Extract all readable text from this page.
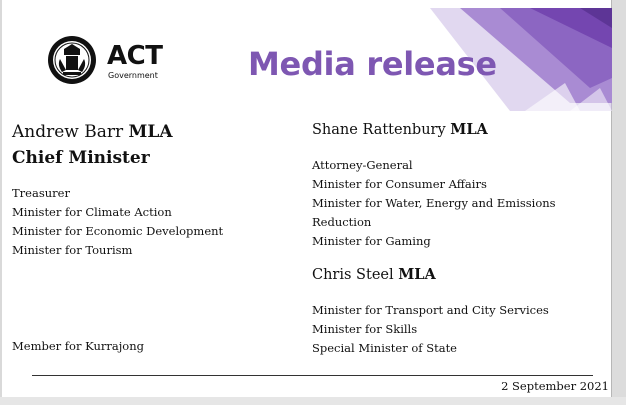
ACT
Government	Media release

Andrew Barr MLA

Chief Minister

Treasurer
Minister for Climate Action
Minister for Economic Development
Minister for Tourism
Member for Kurrajong

Shane Rattenbury MLA

Attorney-General
Minister for Consumer Affairs
Minister for Water, Energy and Emissions Reduction
Minister for Gaming

Chris Steel MLA

Minister for Transport and City Services
Minister for Skills
Special Minister of State
2 September 2021
